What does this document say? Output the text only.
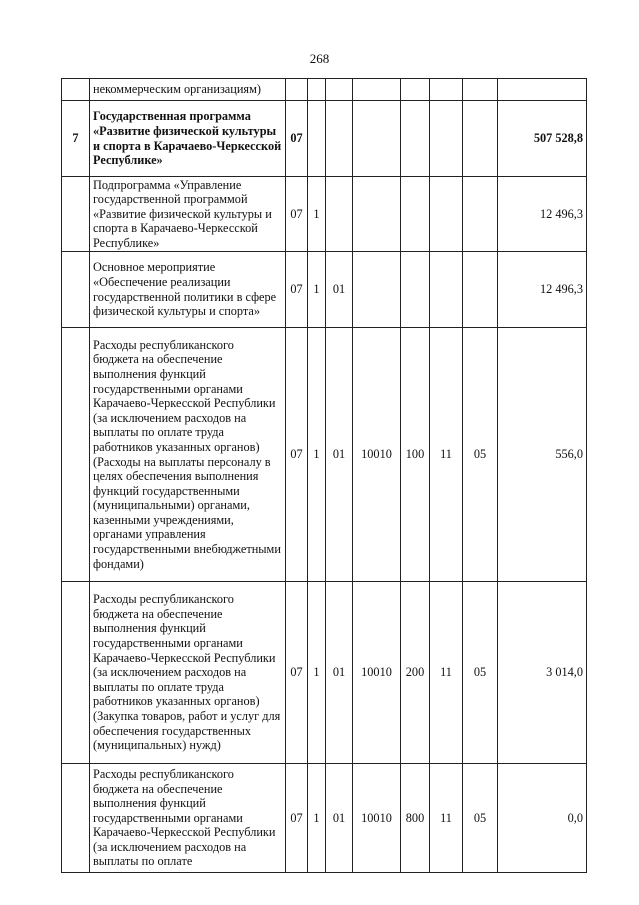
268
	некоммерческим организациям)								
7	Государственная программа «Развитие физической культуры и спорта в Карачаево-Черкесской Республике»	07							507 528,8
	Подпрограмма «Управление государственной программой «Развитие физической культуры и спорта в Карачаево-Черкесской Республике»	07	1						12 496,3
	Основное мероприятие «Обеспечение реализации государственной политики в сфере физической культуры и спорта»	07	1	01					12 496,3
	Расходы республиканского бюджета на обеспечение выполнения функций государственными органами Карачаево-Черкесской Республики (за исключением расходов на выплаты по оплате труда работников указанных органов) (Расходы на выплаты персоналу в целях обеспечения выполнения функций государственными (муниципальными) органами, казенными учреждениями, органами управления государственными внебюджетными фондами)	07	1	01	10010	100	11	05	556,0
	Расходы республиканского бюджета на обеспечение выполнения функций государственными органами Карачаево-Черкесской Республики (за исключением расходов на выплаты по оплате труда работников указанных органов) (Закупка товаров, работ и услуг для обеспечения государственных (муниципальных) нужд)	07	1	01	10010	200	11	05	3 014,0
	Расходы республиканского бюджета на обеспечение выполнения функций государственными органами Карачаево-Черкесской Республики (за исключением расходов на выплаты по оплате	07	1	01	10010	800	11	05	0,0
